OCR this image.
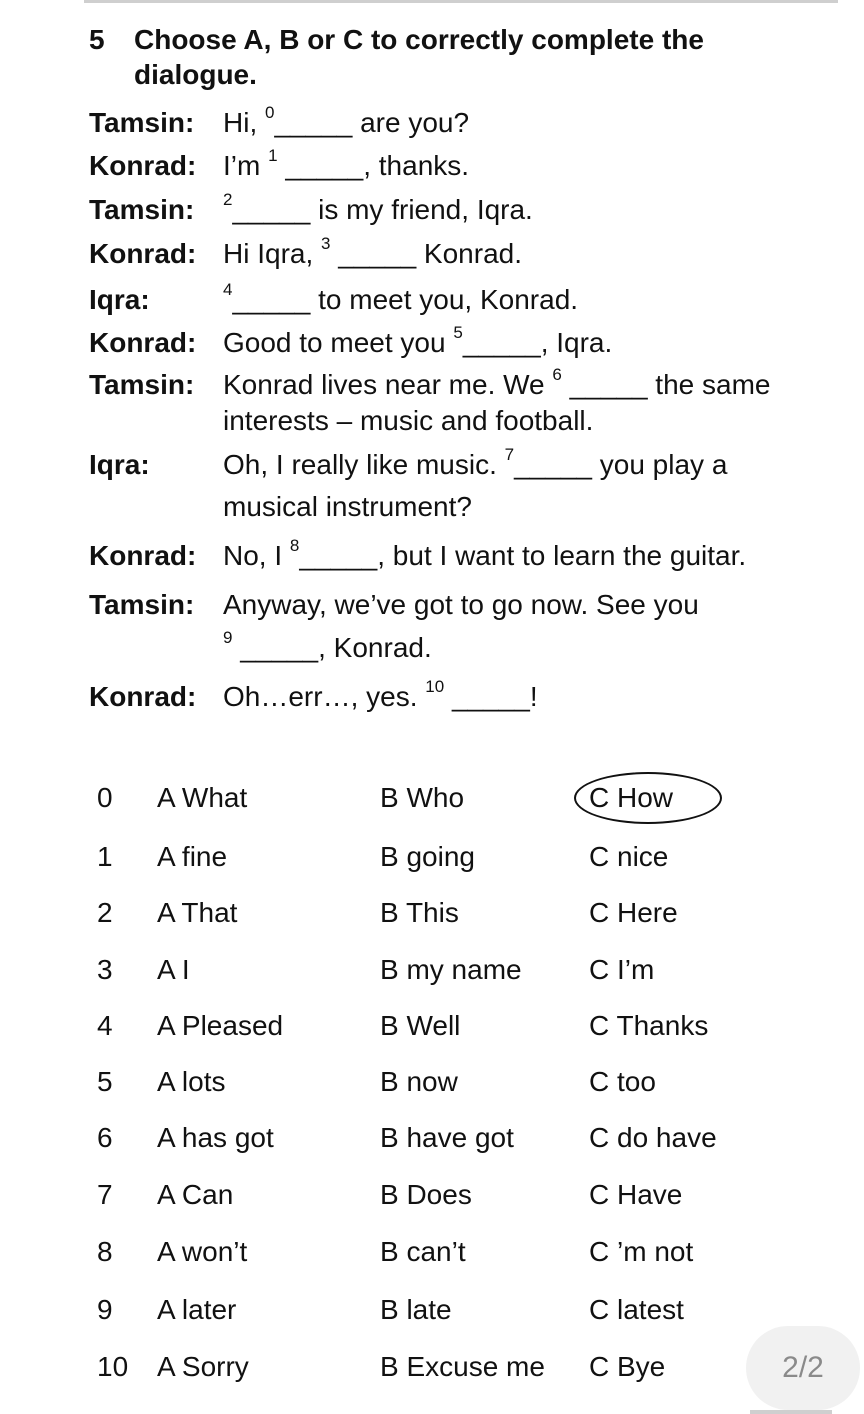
5 Choose A, B or C to correctly complete the dialogue.
Tamsin: Hi, $^0$_____ are you?
Konrad: I’m $^1$ _____, thanks.
Tamsin: $^2$_____ is my friend, Iqra.
Konrad: Hi Iqra, $^3$ _____ Konrad.
Iqra:	$^4$_____ to meet you, Konrad.
Konrad: Good to meet you $^5$_____, Iqra.
Tamsin: Konrad lives near me. We $^6$ _____ the same
interests – music and football.
Iqra:	Oh, I really like music. $^7$_____ you play a
musical instrument?
Konrad: No, I $^8$_____, but I want to learn the guitar.
Tamsin: Anyway, we’ve got to go now. See you
$^9$ _____, Konrad.
Konrad: Oh…err…, yes. $^{10}$ _____!
0 A What	B Who	C How
1 A fine	B going	C nice
2 A That	B This	C Here
3 A I	B my name C I’m
4 A Pleased	B Well	C Thanks
5 A lots	B now	C too
6 A has got	B have got	C do have
7 A Can	B Does	C Have
8 A won’t	B can’t	C ’m not
9 A later	B late	C latest
10 A Sorry	B Excuse me C Bye	2/2
